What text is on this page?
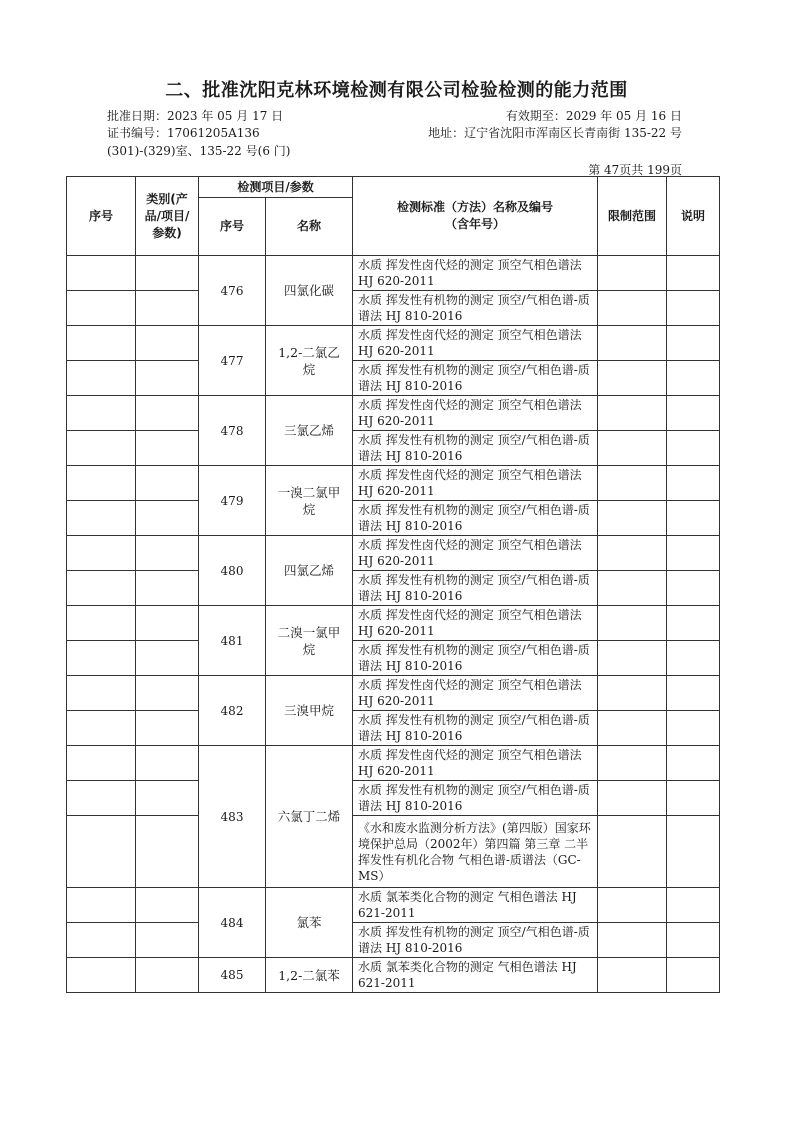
二、批准沈阳克林环境检测有限公司检验检测的能力范围
批准日期：2023 年 05 月 17 日	有效期至：2029 年 05 月 16 日
证书编号：17061205A136	地址：辽宁省沈阳市浑南区长青南街 135-22 号
(301)-(329)室、135-22 号(6 门)
第 47页共 199页
序号	类别(产品/项目/参数)	检测项目/参数		检测标准（方法）名称及编号（含年号）	限制范围	说明
		序号	名称			
		476	四氯化碳	水质 挥发性卤代烃的测定 顶空气相色谱法 HJ 620-2011		
				水质 挥发性有机物的测定 顶空/气相色谱-质谱法 HJ 810-2016		
		477	1,2-二氯乙烷	水质 挥发性卤代烃的测定 顶空气相色谱法 HJ 620-2011		
				水质 挥发性有机物的测定 顶空/气相色谱-质谱法 HJ 810-2016		
		478	三氯乙烯	水质 挥发性卤代烃的测定 顶空气相色谱法 HJ 620-2011		
				水质 挥发性有机物的测定 顶空/气相色谱-质谱法 HJ 810-2016		
		479	一溴二氯甲烷	水质 挥发性卤代烃的测定 顶空气相色谱法 HJ 620-2011		
				水质 挥发性有机物的测定 顶空/气相色谱-质谱法 HJ 810-2016		
		480	四氯乙烯	水质 挥发性卤代烃的测定 顶空气相色谱法 HJ 620-2011		
				水质 挥发性有机物的测定 顶空/气相色谱-质谱法 HJ 810-2016		
		481	二溴一氯甲烷	水质 挥发性卤代烃的测定 顶空气相色谱法 HJ 620-2011		
				水质 挥发性有机物的测定 顶空/气相色谱-质谱法 HJ 810-2016		
		482	三溴甲烷	水质 挥发性卤代烃的测定 顶空气相色谱法 HJ 620-2011		
				水质 挥发性有机物的测定 顶空/气相色谱-质谱法 HJ 810-2016		
		483	六氯丁二烯	水质 挥发性卤代烃的测定 顶空气相色谱法 HJ 620-2011		
				水质 挥发性有机物的测定 顶空/气相色谱-质谱法 HJ 810-2016		
				《水和废水监测分析方法》(第四版）国家环境保护总局（2002年）第四篇 第三章 二半挥发性有机化合物 气相色谱-质谱法（GC-MS）		
		484	氯苯	水质 氯苯类化合物的测定 气相色谱法 HJ 621-2011		
				水质 挥发性有机物的测定 顶空/气相色谱-质谱法 HJ 810-2016		
		485	1,2-二氯苯	水质 氯苯类化合物的测定 气相色谱法 HJ 621-2011		
